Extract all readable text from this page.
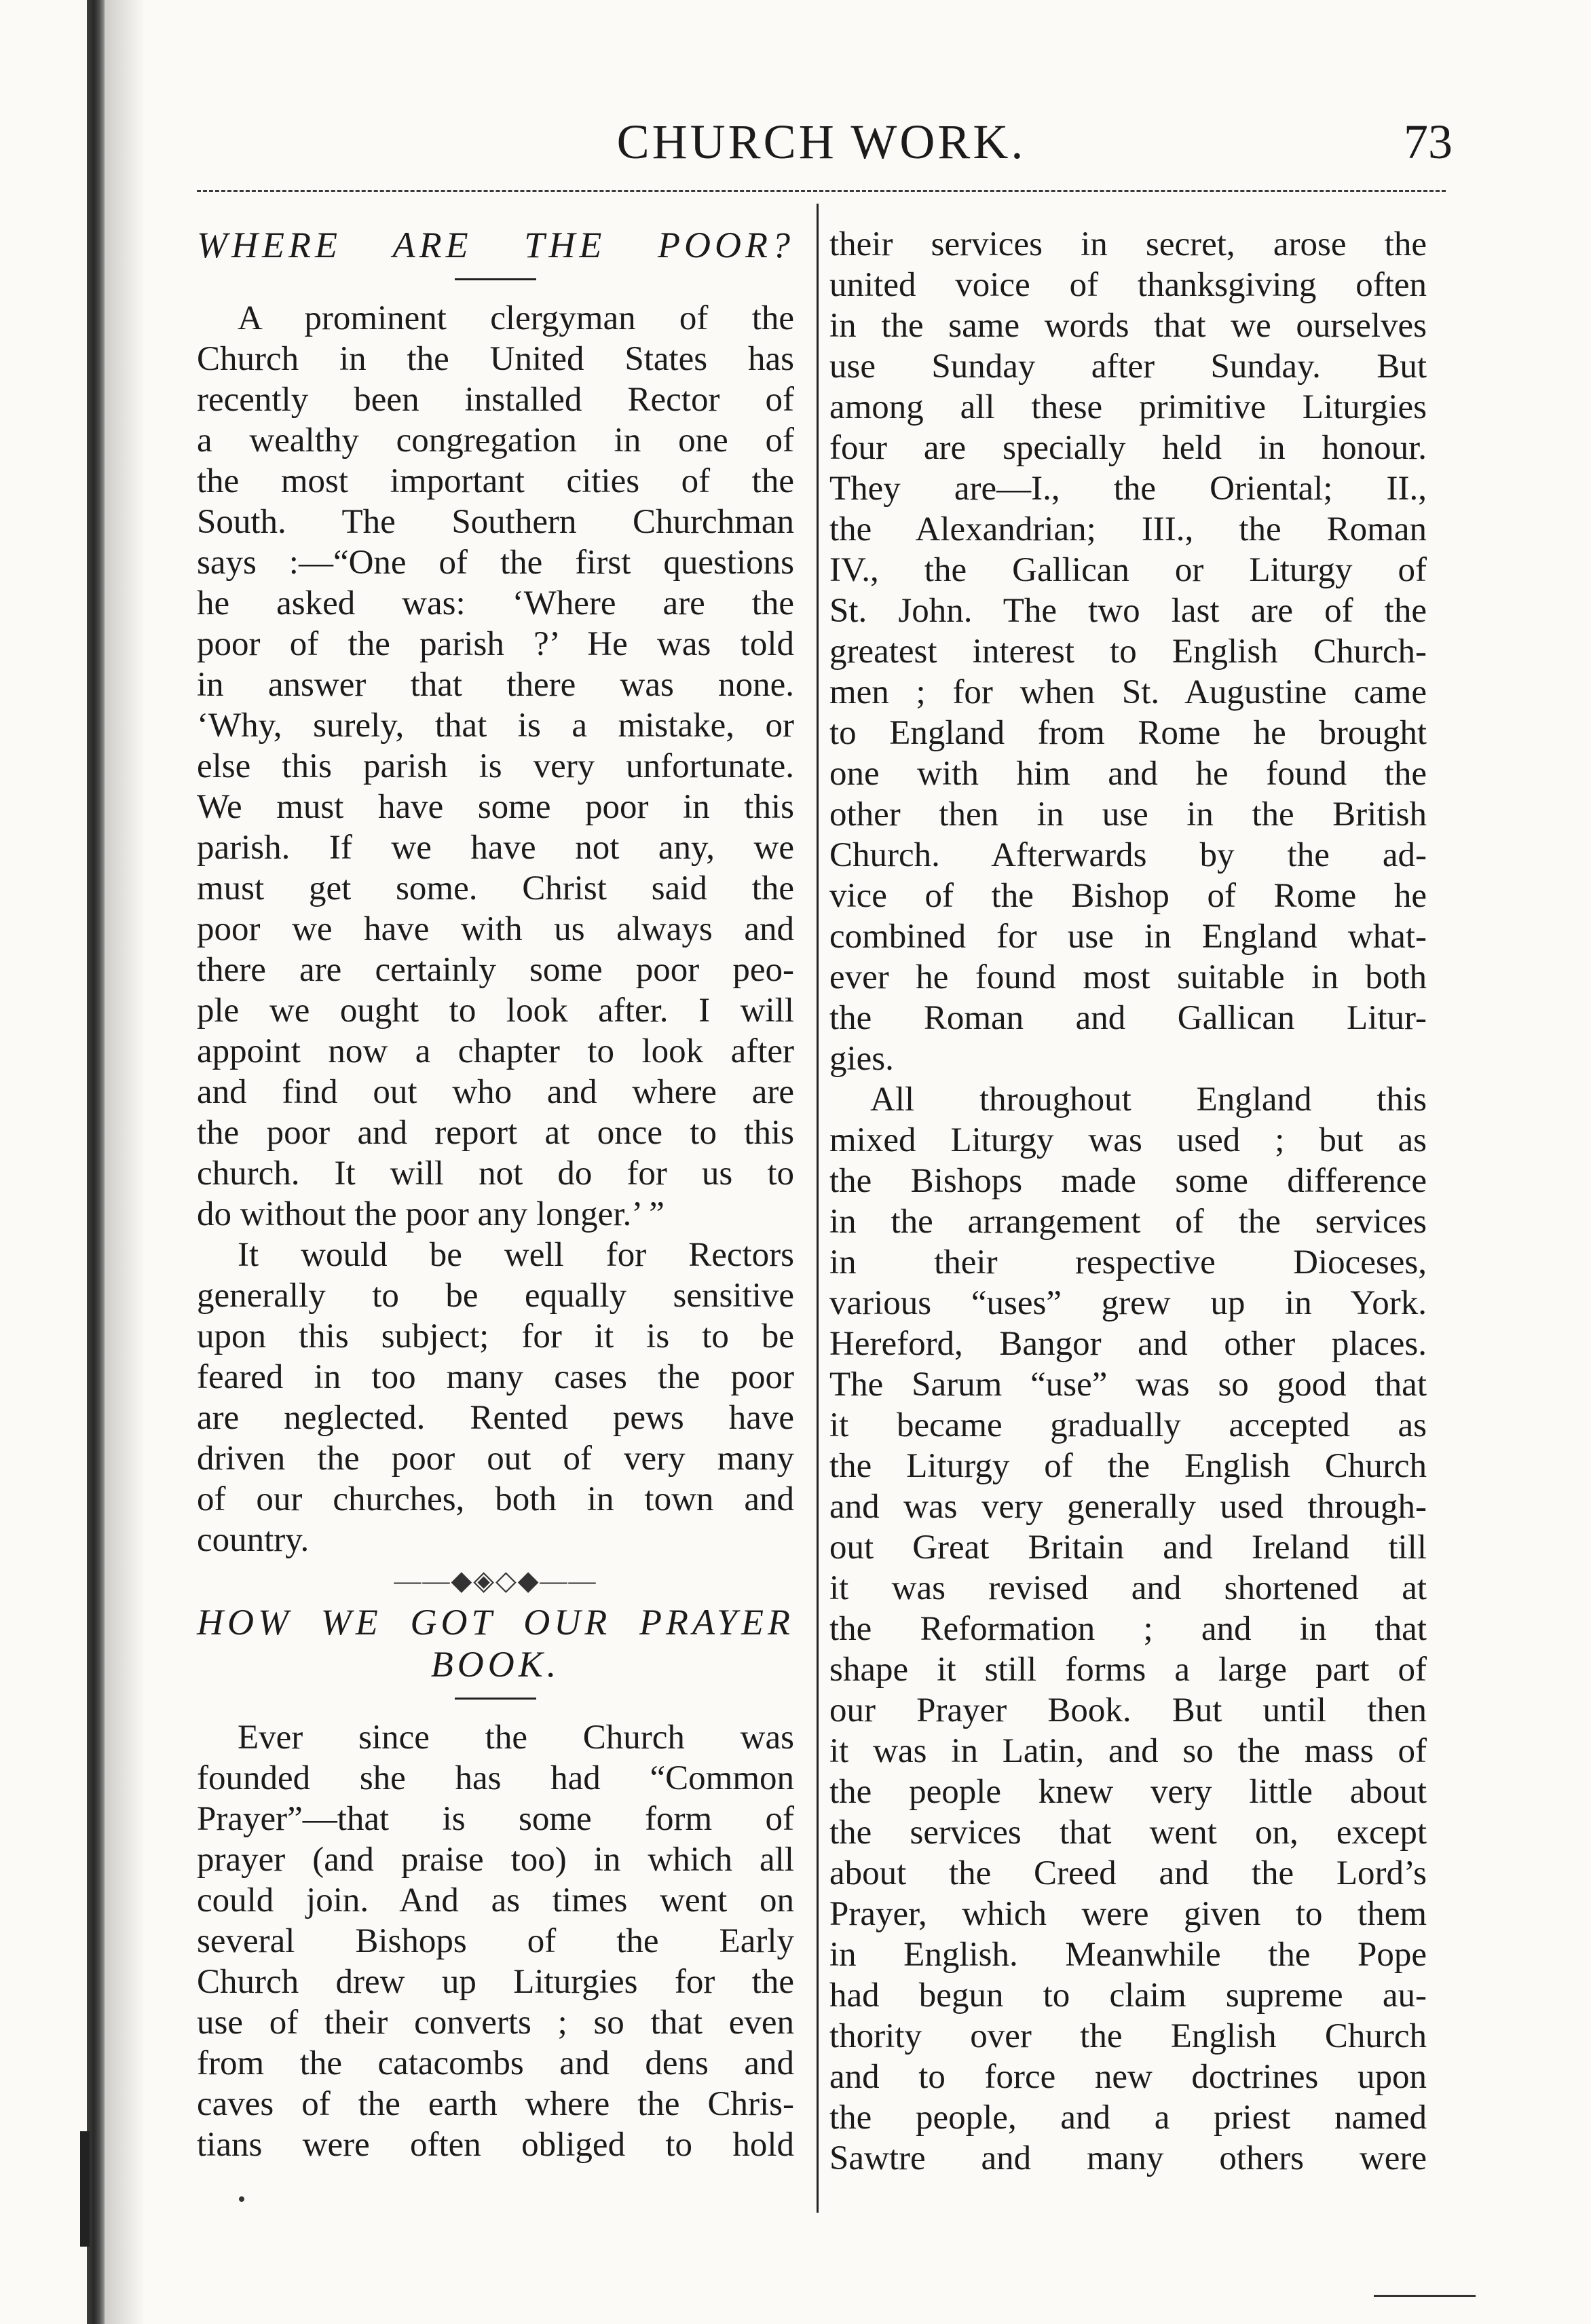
CHURCH WORK.	73
WHERE ARE THE POOR?
A prominent clergyman of the
Church in the United States has
recently been installed Rector of
a wealthy congregation in one of
the most important cities of the
South. The Southern Churchman
says :—“One of the first questions
he asked was: ‘Where are the
poor of the parish ?’ He was told
in answer that there was none.
‘Why, surely, that is a mistake, or
else this parish is very unfortunate.
We must have some poor in this
parish. If we have not any, we
must get some. Christ said the
poor we have with us always and
there are certainly some poor peo-
ple we ought to look after. I will
appoint now a chapter to look after
and find out who and where are
the poor and report at once to this
church. It will not do for us to
do without the poor any longer.’ ”
It would be well for Rectors
generally to be equally sensitive
upon this subject; for it is to be
feared in too many cases the poor
are neglected. Rented pews have
driven the poor out of very many
of our churches, both in town and
country.
——◆◈◇◆——
HOW WE GOT OUR PRAYER
BOOK.
Ever since the Church was
founded she has had “Common
Prayer”—that is some form of
prayer (and praise too) in which all
could join. And as times went on
several Bishops of the Early
Church drew up Liturgies for the
use of their converts ; so that even
from the catacombs and dens and
caves of the earth where the Chris-
tians were often obliged to hold
their services in secret, arose the
united voice of thanksgiving often
in the same words that we ourselves
use Sunday after Sunday. But
among all these primitive Liturgies
four are specially held in honour.
They are—I., the Oriental; II.,
the Alexandrian; III., the Roman
IV., the Gallican or Liturgy of
St. John. The two last are of the
greatest interest to English Church-
men ; for when St. Augustine came
to England from Rome he brought
one with him and he found the
other then in use in the British
Church. Afterwards by the ad-
vice of the Bishop of Rome he
combined for use in England what-
ever he found most suitable in both
the Roman and Gallican Litur-
gies.
All throughout England this
mixed Liturgy was used ; but as
the Bishops made some difference
in the arrangement of the services
in their respective Dioceses,
various “uses” grew up in York.
Hereford, Bangor and other places.
The Sarum “use” was so good that
it became gradually accepted as
the Liturgy of the English Church
and was very generally used through-
out Great Britain and Ireland till
it was revised and shortened at
the Reformation ; and in that
shape it still forms a large part of
our Prayer Book. But until then
it was in Latin, and so the mass of
the people knew very little about
the services that went on, except
about the Creed and the Lord’s
Prayer, which were given to them
in English. Meanwhile the Pope
had begun to claim supreme au-
thority over the English Church
and to force new doctrines upon
the people, and a priest named
Sawtre and many others were
